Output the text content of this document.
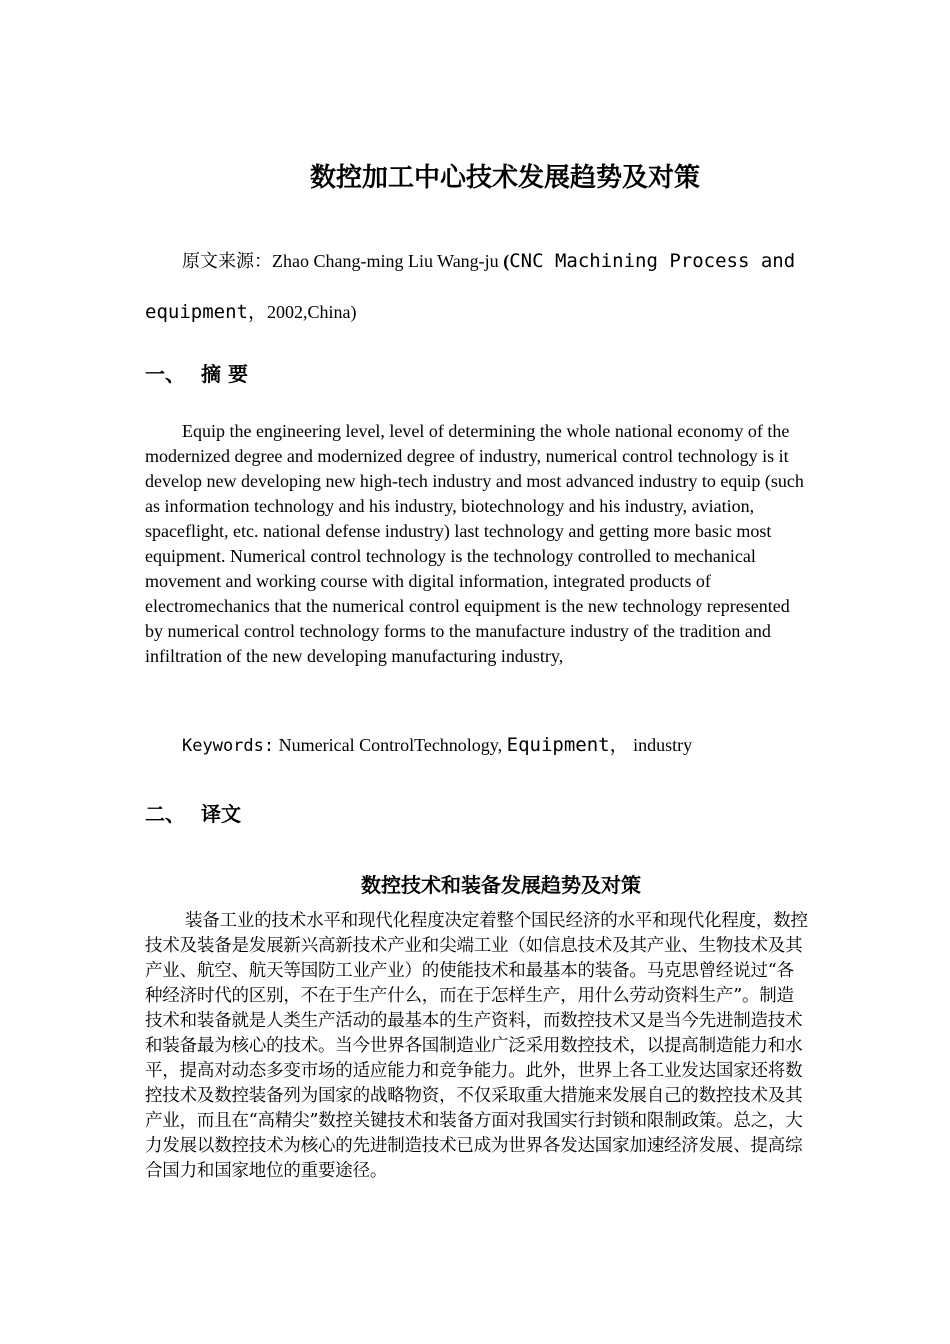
数控加工中心技术发展趋势及对策

原文来源：Zhao Chang-ming Liu Wang-ju (CNC Machining Process and equipment，2002,China)

一、 摘 要

Equip the engineering level, level of determining the whole national economy of the modernized degree and modernized degree of industry, numerical control technology is it develop new developing new high-tech industry and most advanced industry to equip (such as information technology and his industry, biotechnology and his industry, aviation, spaceflight, etc. national defense industry) last technology and getting more basic most equipment. Numerical control technology is the technology controlled to mechanical movement and working course with digital information, integrated products of electromechanics that the numerical control equipment is the new technology represented by numerical control technology forms to the manufacture industry of the tradition and infiltration of the new developing manufacturing industry,

Keywords: Numerical ControlTechnology, Equipment， industry

二、 译文
数控技术和装备发展趋势及对策

装备工业的技术水平和现代化程度决定着整个国民经济的水平和现代化程度，数控技术及装备是发展新兴高新技术产业和尖端工业（如信息技术及其产业、生物技术及其产业、航空、航天等国防工业产业）的使能技术和最基本的装备。马克思曾经说过“各种经济时代的区别，不在于生产什么，而在于怎样生产，用什么劳动资料生产”。制造技术和装备就是人类生产活动的最基本的生产资料，而数控技术又是当今先进制造技术和装备最为核心的技术。当今世界各国制造业广泛采用数控技术，以提高制造能力和水平，提高对动态多变市场的适应能力和竞争能力。此外，世界上各工业发达国家还将数控技术及数控装备列为国家的战略物资，不仅采取重大措施来发展自己的数控技术及其产业，而且在“高精尖”数控关键技术和装备方面对我国实行封锁和限制政策。总之，大力发展以数控技术为核心的先进制造技术已成为世界各发达国家加速经济发展、提高综合国力和国家地位的重要途径。
